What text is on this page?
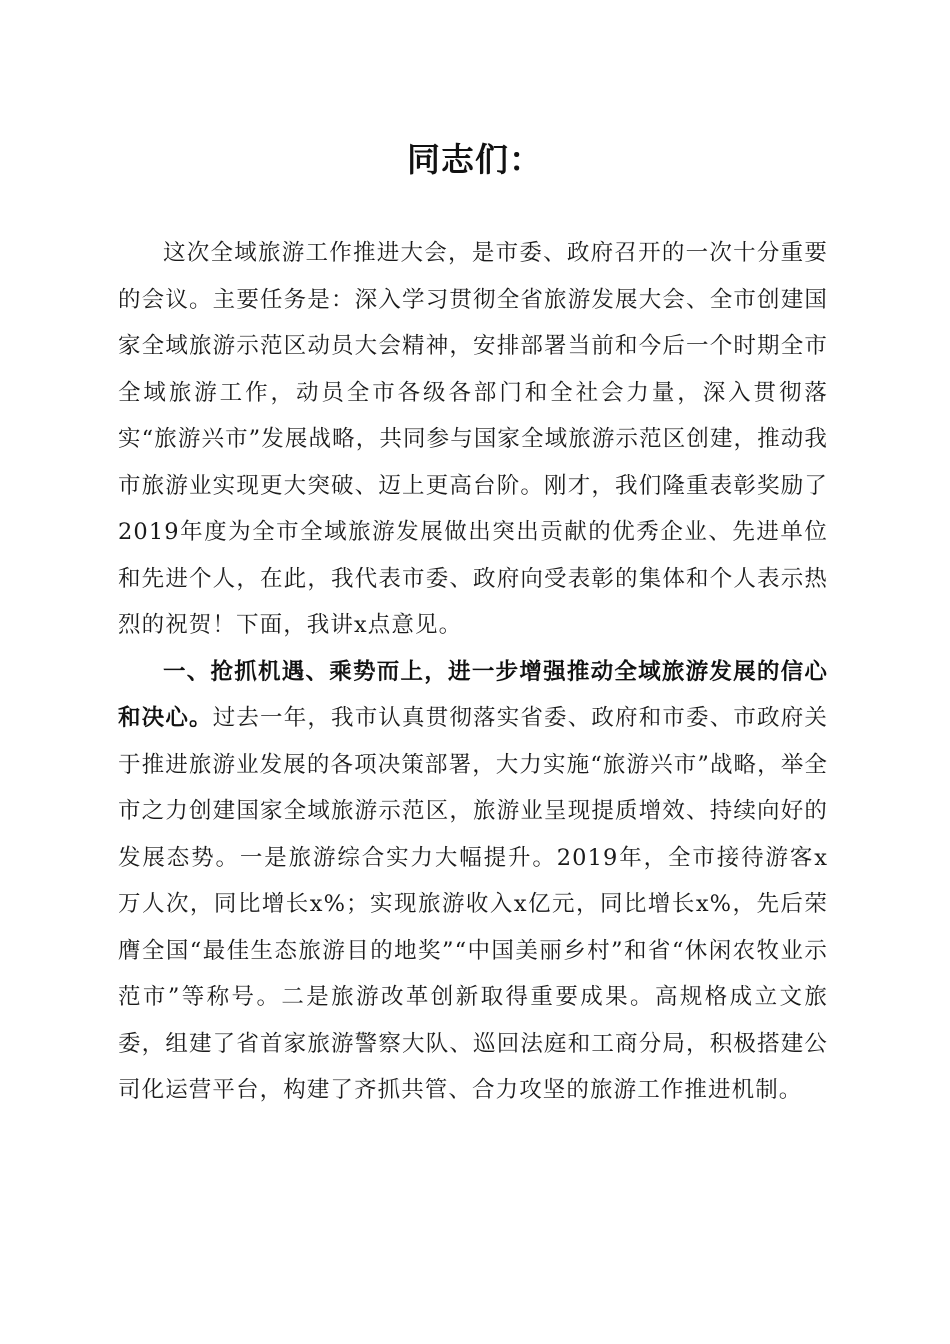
同志们：

这次全域旅游工作推进大会，是市委、政府召开的一次十分重要的会议。主要任务是：深入学习贯彻全省旅游发展大会、全市创建国家全域旅游示范区动员大会精神，安排部署当前和今后一个时期全市全域旅游工作，动员全市各级各部门和全社会力量，深入贯彻落实“旅游兴市”发展战略，共同参与国家全域旅游示范区创建，推动我市旅游业实现更大突破、迈上更高台阶。刚才，我们隆重表彰奖励了2019年度为全市全域旅游发展做出突出贡献的优秀企业、先进单位和先进个人，在此，我代表市委、政府向受表彰的集体和个人表示热烈的祝贺！下面，我讲x点意见。

一、抢抓机遇、乘势而上，进一步增强推动全域旅游发展的信心和决心。过去一年，我市认真贯彻落实省委、政府和市委、市政府关于推进旅游业发展的各项决策部署，大力实施“旅游兴市”战略，举全市之力创建国家全域旅游示范区，旅游业呈现提质增效、持续向好的发展态势。一是旅游综合实力大幅提升。2019年，全市接待游客x万人次，同比增长x%；实现旅游收入x亿元，同比增长x%，先后荣膺全国“最佳生态旅游目的地奖”“中国美丽乡村”和省“休闲农牧业示范市”等称号。二是旅游改革创新取得重要成果。高规格成立文旅委，组建了省首家旅游警察大队、巡回法庭和工商分局，积极搭建公司化运营平台，构建了齐抓共管、合力攻坚的旅游工作推进机制。
